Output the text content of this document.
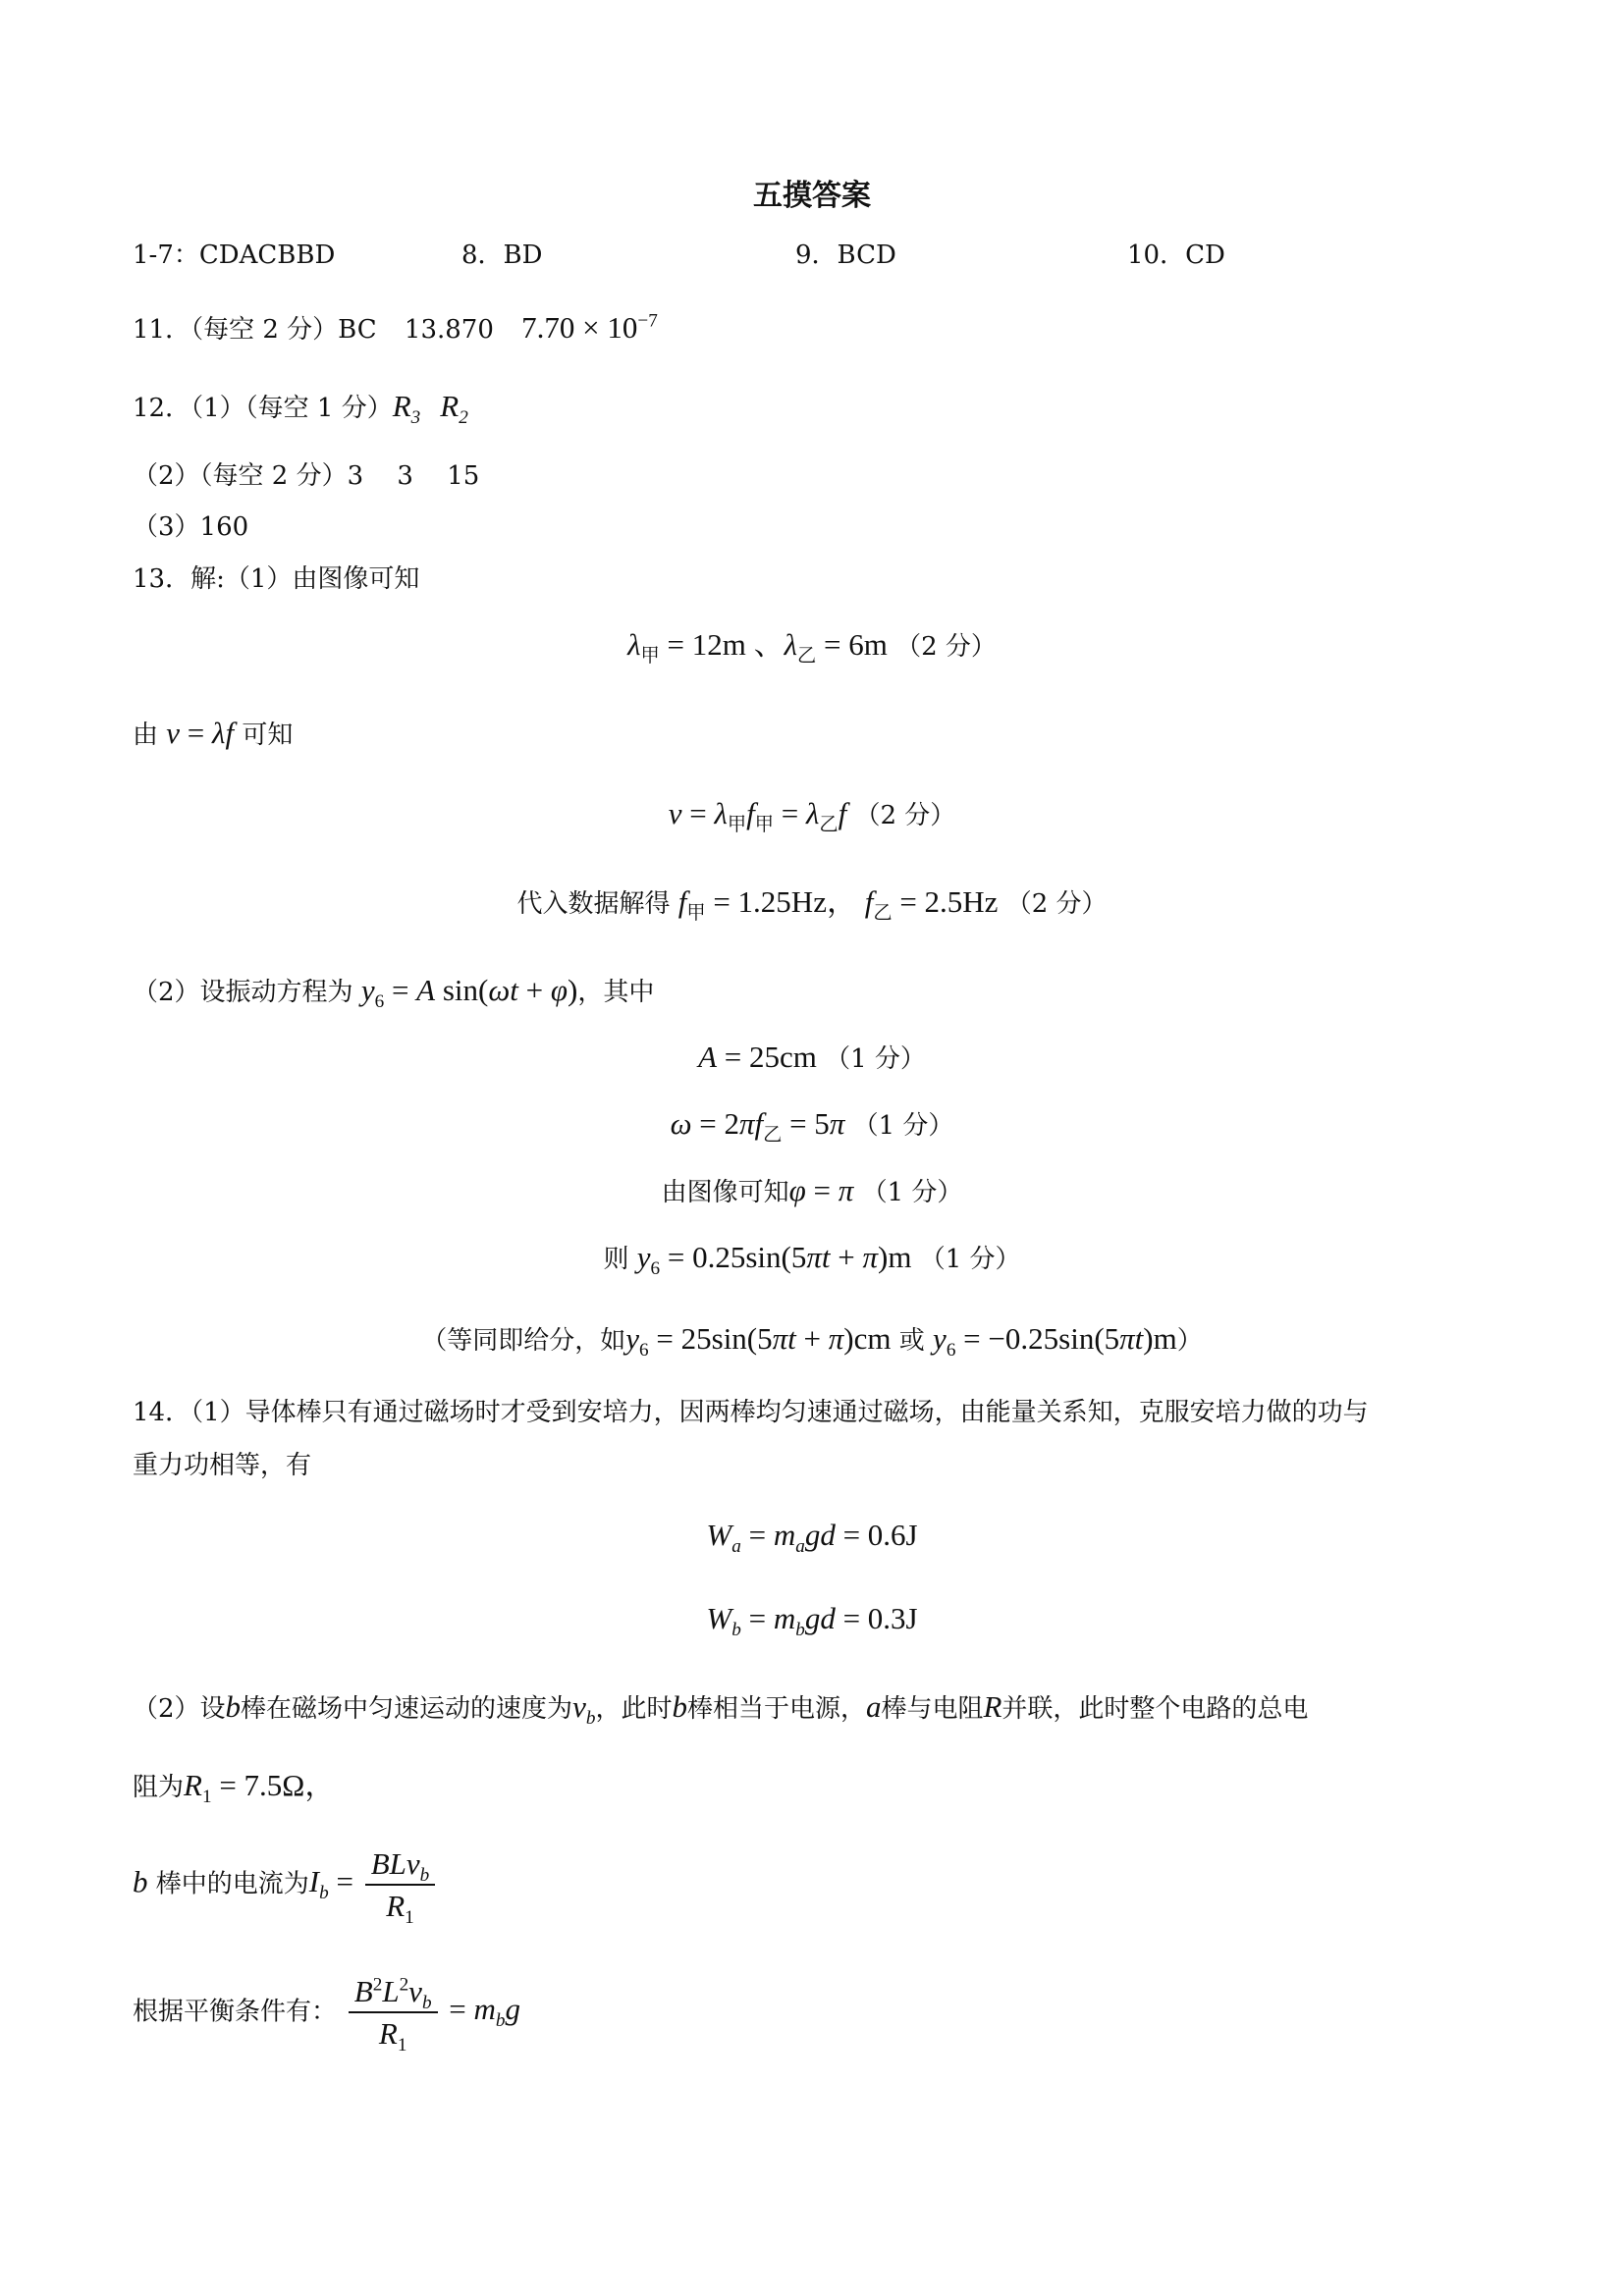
五摸答案
1-7：CDACBBD	8．BD	9．BCD	10．CD
11．（每空 2 分）BC 13.870 $7.70 \times 10^{-7}$
12．（1）（每空 1 分）$R_3$ $R_2$
（2）（每空 2 分）3　 3　 15
（3）160
13．解:（1）由图像可知
$\lambda_甲 = 12m$ 、$\lambda_乙 = 6m$ （2 分）
由 v = λf 可知
$v = \lambda_甲f_甲 = \lambda_乙f$ （2 分）
代入数据解得 $f_甲 = 1.25Hz$， $f_乙 = 2.5Hz$ （2 分）
（2）设振动方程为 $y_6 = A$ sin(ωt + φ)，其中
A = 25cm （1 分）
$\omega = 2\pi f_乙 = 5\pi$ （1 分）
由图像可知φ = π （1 分）
则 $y_6 = 0.25\sin(5\pi t + \pi)m$ （1 分）
（等同即给分，如$y_6 = 25\sin(5\pi t + \pi)cm$ 或 $y_6 = -0.25\sin(5\pi t)m$）
14．（1）导体棒只有通过磁场时才受到安培力，因两棒均匀速通过磁场，由能量关系知，克服安培力做的功与
重力功相等，有
$W_a = m_agd = 0.6J$
$W_b = m_bgd = 0.3J$
（2）设b棒在磁场中匀速运动的速度为$v_b$，此时b棒相当于电源，a棒与电阻R并联，此时整个电路的总电
阻为$R_1 = 7.5\Omega$，
b 棒中的电流为$I_b = \frac{BLv_b}{R_1}$
根据平衡条件有： $\frac{B^2L^2v_b}{R_1} = m_bg$
